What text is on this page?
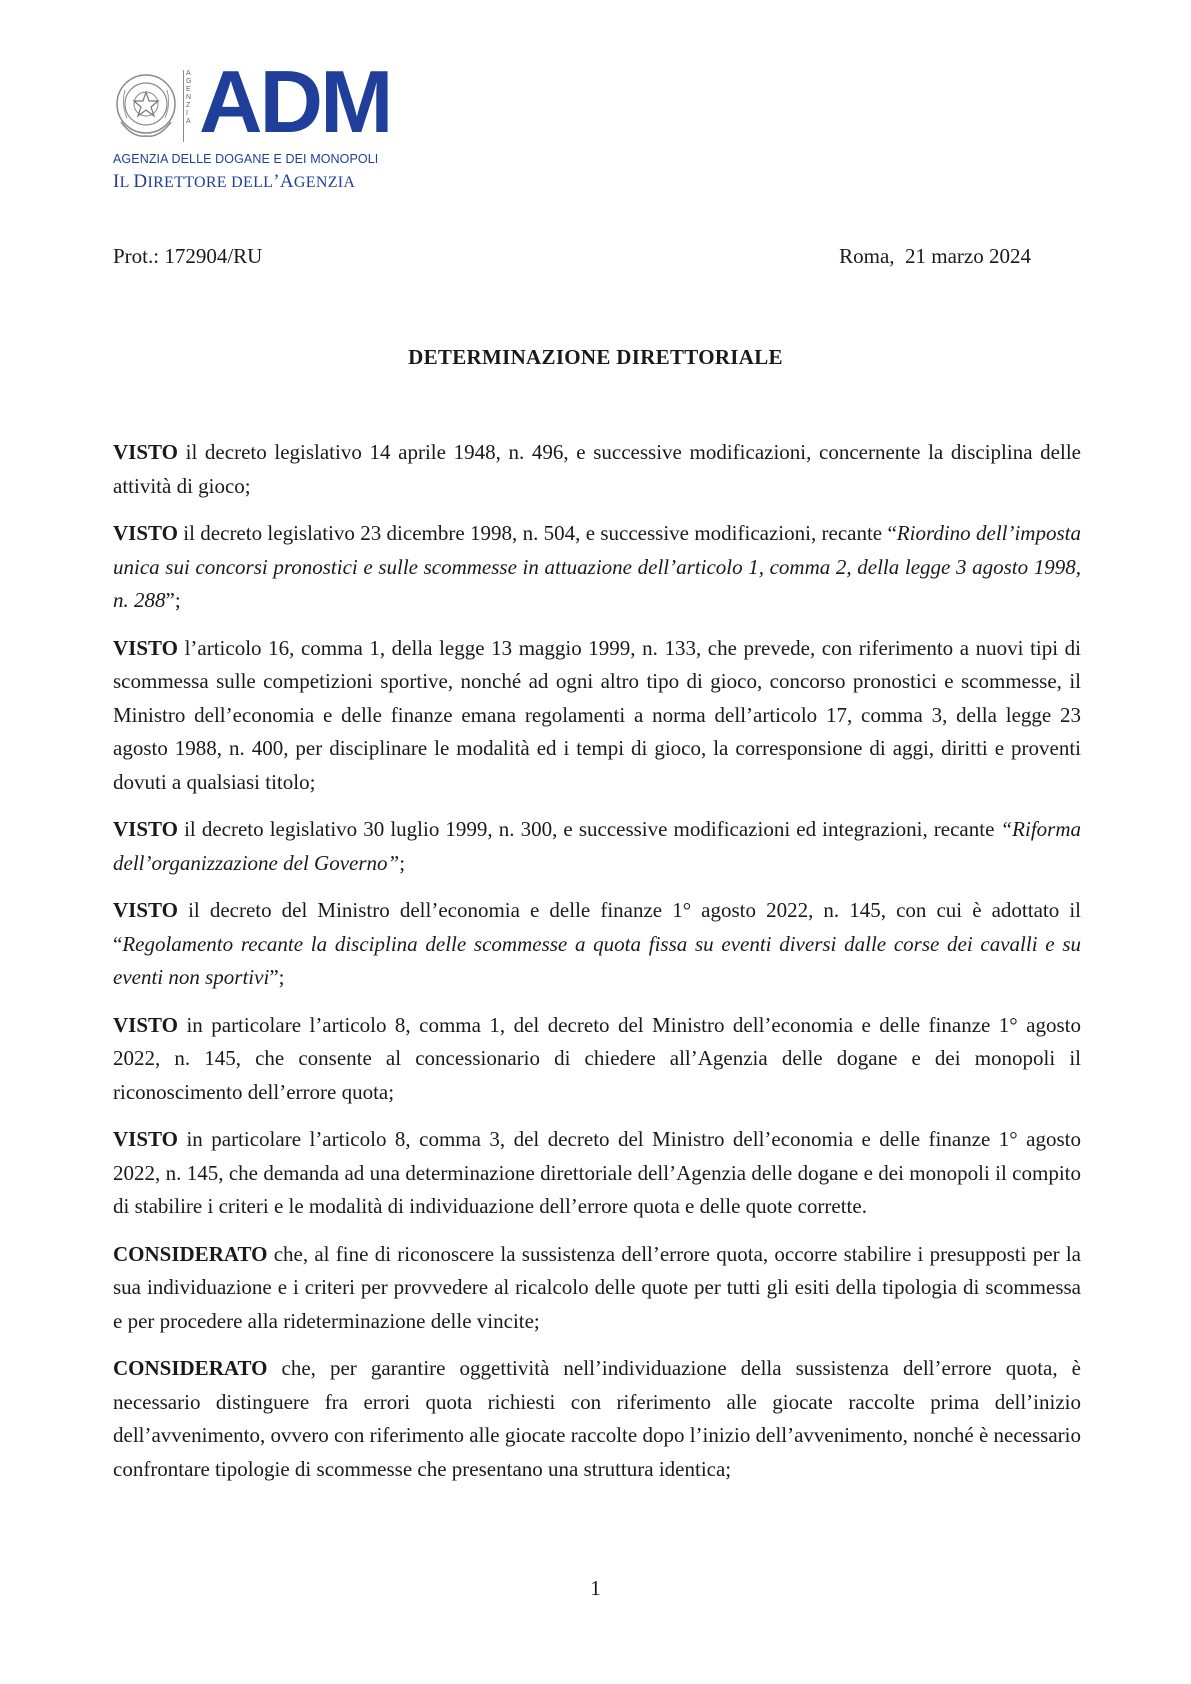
A
G
E
N
Z
I
A ADM
AGENZIA DELLE DOGANE E DEI MONOPOLI
IL DIRETTORE DELL’AGENZIA
Prot.: 172904/RU	Roma,  21 marzo 2024
DETERMINAZIONE DIRETTORIALE

VISTO il decreto legislativo 14 aprile 1948, n. 496, e successive modificazioni, concernente la disciplina delle attività di gioco;

VISTO il decreto legislativo 23 dicembre 1998, n. 504, e successive modificazioni, recante “Riordino dell’imposta unica sui concorsi pronostici e sulle scommesse in attuazione dell’articolo 1, comma 2, della legge 3 agosto 1998, n. 288”;

VISTO l’articolo 16, comma 1, della legge 13 maggio 1999, n. 133, che prevede, con riferimento a nuovi tipi di scommessa sulle competizioni sportive, nonché ad ogni altro tipo di gioco, concorso pronostici e scommesse, il Ministro dell’economia e delle finanze emana regolamenti a norma dell’articolo 17, comma 3, della legge 23 agosto 1988, n. 400, per disciplinare le modalità ed i tempi di gioco, la corresponsione di aggi, diritti e proventi dovuti a qualsiasi titolo;

VISTO il decreto legislativo 30 luglio 1999, n. 300, e successive modificazioni ed integrazioni, recante “Riforma dell’organizzazione del Governo”;

VISTO il decreto del Ministro dell’economia e delle finanze 1° agosto 2022, n. 145, con cui è adottato il “Regolamento recante la disciplina delle scommesse a quota fissa su eventi diversi dalle corse dei cavalli e su eventi non sportivi”;

VISTO in particolare l’articolo 8, comma 1, del decreto del Ministro dell’economia e delle finanze 1° agosto 2022, n. 145, che consente al concessionario di chiedere all’Agenzia delle dogane e dei monopoli il riconoscimento dell’errore quota;

VISTO in particolare l’articolo 8, comma 3, del decreto del Ministro dell’economia e delle finanze 1° agosto 2022, n. 145, che demanda ad una determinazione direttoriale dell’Agenzia delle dogane e dei monopoli il compito di stabilire i criteri e le modalità di individuazione dell’errore quota e delle quote corrette.

CONSIDERATO che, al fine di riconoscere la sussistenza dell’errore quota, occorre stabilire i presupposti per la sua individuazione e i criteri per provvedere al ricalcolo delle quote per tutti gli esiti della tipologia di scommessa e per procedere alla rideterminazione delle vincite;

CONSIDERATO che, per garantire oggettività nell’individuazione della sussistenza dell’errore quota, è necessario distinguere fra errori quota richiesti con riferimento alle giocate raccolte prima dell’inizio dell’avvenimento, ovvero con riferimento alle giocate raccolte dopo l’inizio dell’avvenimento, nonché è necessario confrontare tipologie di scommesse che presentano una struttura identica;

1
